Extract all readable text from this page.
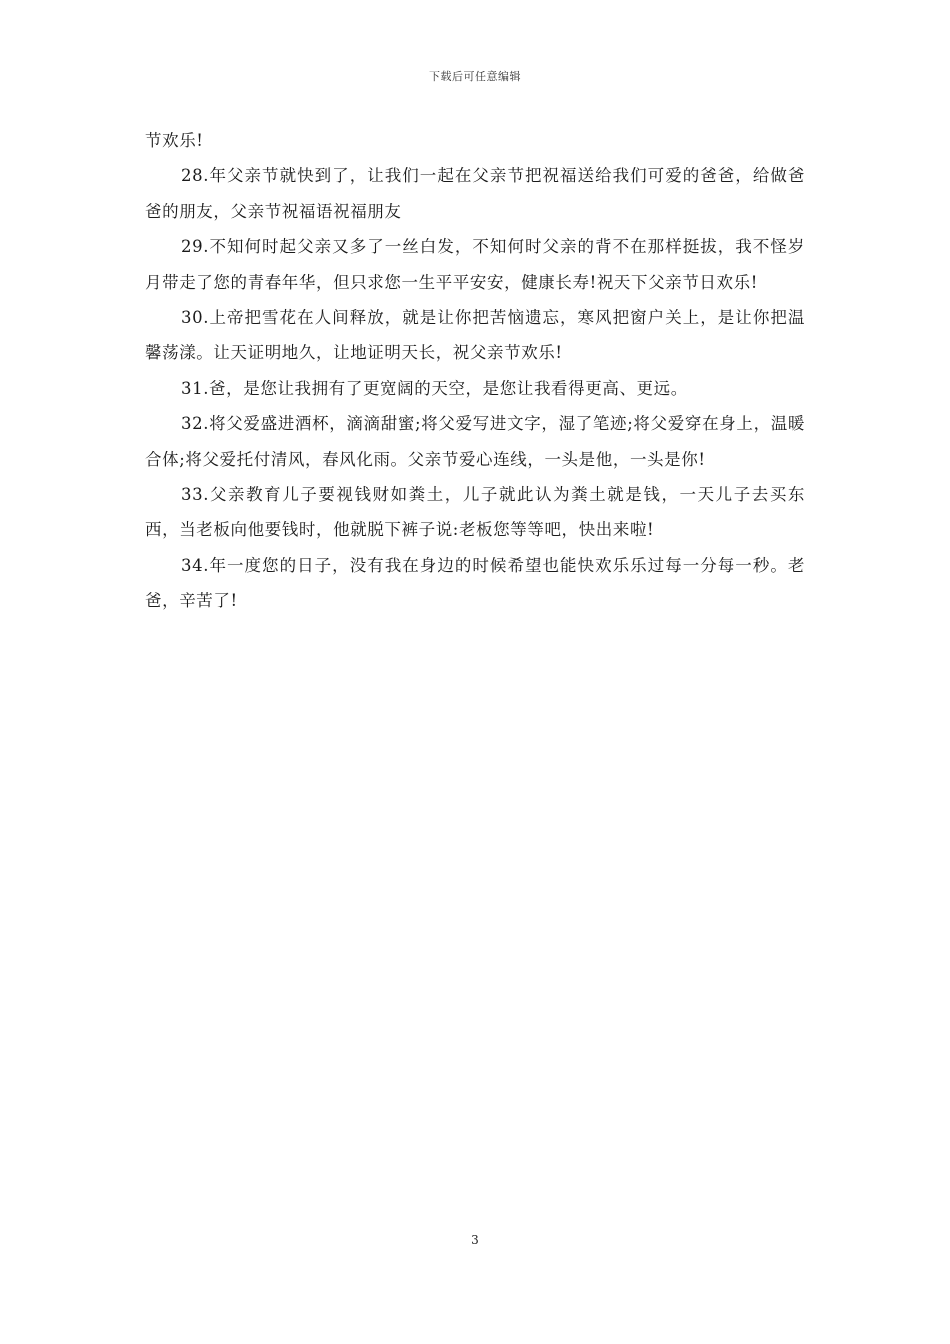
下载后可任意编辑

节欢乐!

28.年父亲节就快到了，让我们一起在父亲节把祝福送给我们可爱的爸爸，给做爸爸的朋友，父亲节祝福语祝福朋友

29.不知何时起父亲又多了一丝白发，不知何时父亲的背不在那样挺拔，我不怪岁月带走了您的青春年华，但只求您一生平平安安，健康长寿!祝天下父亲节日欢乐!

30.上帝把雪花在人间释放，就是让你把苦恼遗忘，寒风把窗户关上，是让你把温馨荡漾。让天证明地久，让地证明天长，祝父亲节欢乐!

31.爸，是您让我拥有了更宽阔的天空，是您让我看得更高、更远。

32.将父爱盛进酒杯，滴滴甜蜜;将父爱写进文字，湿了笔迹;将父爱穿在身上，温暖合体;将父爱托付清风，春风化雨。父亲节爱心连线，一头是他，一头是你!

33.父亲教育儿子要视钱财如粪土，儿子就此认为粪土就是钱，一天儿子去买东西，当老板向他要钱时，他就脱下裤子说:老板您等等吧，快出来啦!

34.年一度您的日子，没有我在身边的时候希望也能快欢乐乐过每一分每一秒。老爸，辛苦了!

3
